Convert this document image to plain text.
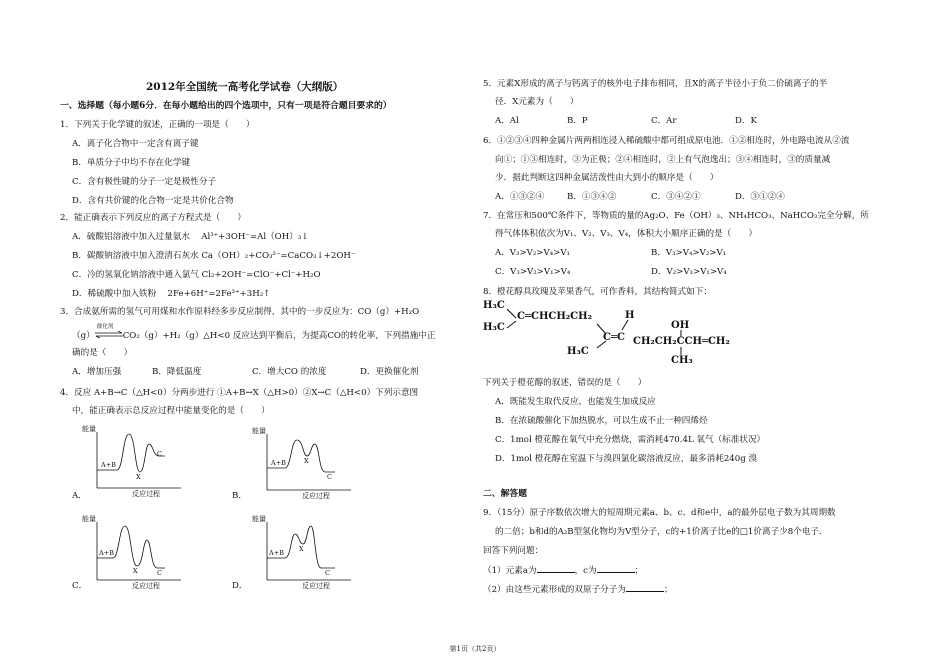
2012年全国统一高考化学试卷（大纲版）
一、选择题（每小题6分．在每小题给出的四个选项中，只有一项是符合题目要求的）
1．下列关于化学键的叙述，正确的一项是（　　）
A．离子化合物中一定含有离子键
B．单质分子中均不存在化学键
C．含有极性键的分子一定是极性分子
D．含有共价键的化合物一定是共价化合物
2．能正确表示下列反应的离子方程式是（　　）
A．硫酸铝溶液中加入过量氨水　 Al³⁺+3OH⁻=Al（OH）₃↓
B．碳酸钠溶液中加入澄清石灰水 Ca（OH）₂+CO₃²⁻=CaCO₃↓+2OH⁻
C．冷的氢氧化钠溶液中通入氯气 Cl₂+2OH⁻=ClO⁻+Cl⁻+H₂O
D．稀硫酸中加入铁粉　 2Fe+6H⁺=2Fe³⁺+3H₂↑
3．合成氨所需的氢气可用煤和水作原料经多步反应制得，其中的一步反应为：CO（g）+H₂O
（g）
催化剂
CO₂（g）+H₂（g）△H<0 反应达到平衡后，为提高CO的转化率，下列措施中正
确的是（　　）
A．增加压强	B．降低温度	C．增大CO 的浓度	D．更换催化剂
4．反应 A+B→C（△H<0）分两步进行 ①A+B→X（△H>0）②X→C（△H<0）下列示意图
中，能正确表示总反应过程中能量变化的是（　　）
能量
A+B
X
C
反应过程
A．
能量
A+B	X
C
反应过程
B．
能量
A+B
X	C
反应过程
C．
能量
A+B X
C
反应过程
D．
5．元素X形成的离子与钙离子的核外电子排布相同，且X的离子半径小于负二价硫离子的半
径．X元素为（　　）
A．Al	B．P	C．Ar	D．K
6．①②③④四种金属片两两相连浸入稀硫酸中都可组成原电池．①②相连时，外电路电流从②流
向①；①③相连时，③为正极；②④相连时，②上有气泡逸出；③④相连时，③的质量减
少．据此判断这四种金属活泼性由大到小的顺序是（　　）
A．①③②④	B．①③④②	C．③④②①	D．③①②④
7．在常压和500℃条件下，等物质的量的Ag₂O、Fe（OH）₃、NH₄HCO₃、NaHCO₃完全分解，所
得气体体积依次为V₁、V₂、V₃、V₄，体积大小顺序正确的是（　　）
A．V₃>V₂>V₄>V₁	B．V₃>V₄>V₂>V₁
C．V₃>V₂>V₁>V₄	D．V₂>V₃>V₁>V₄
8．橙花醇具玫瑰及苹果香气，可作香料，其结构简式如下：
H₃C
H₃C
C═CHCH₂CH₂	H
C═C
H₃C
OH
CH₂CH₂CCH═CH₂
CH₃
下列关于橙花醇的叙述，错误的是（　　）
A．既能发生取代反应，也能发生加成反应
B．在浓硫酸催化下加热脱水，可以生成不止一种四烯烃
C．1mol 橙花醇在氧气中充分燃烧，需消耗470.4L 氧气（标准状况）
D．1mol 橙花醇在室温下与溴四氯化碳溶液反应，最多消耗240g 溴
二、解答题
9．（15分）原子序数依次增大的短周期元素a、b、c、d和e中，a的最外层电子数为其周期数
的二倍；b和d的A₂B型氢化物均为V型分子，c的+1价离子比e的□1价离子少8个电子．
回答下列问题：
（1）元素a为	，c为	；
（2）由这些元素形成的双原子分子为	；
第1页（共2页）
